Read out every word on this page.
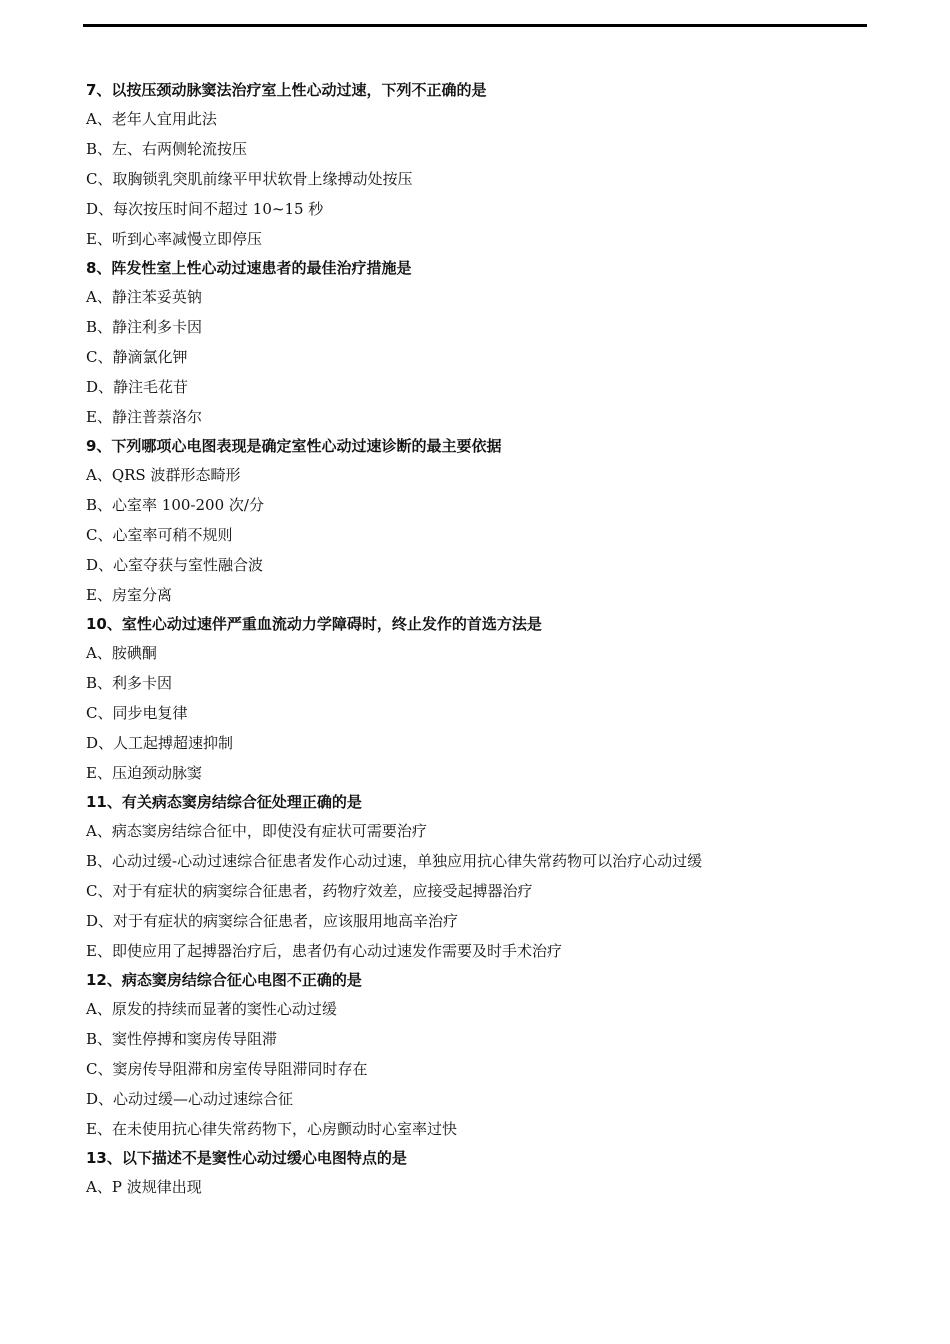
7、以按压颈动脉窦法治疗室上性心动过速，下列不正确的是
A、老年人宜用此法
B、左、右两侧轮流按压
C、取胸锁乳突肌前缘平甲状软骨上缘搏动处按压
D、每次按压时间不超过 10~15 秒
E、听到心率减慢立即停压
8、阵发性室上性心动过速患者的最佳治疗措施是
A、静注苯妥英钠
B、静注利多卡因
C、静滴氯化钾
D、静注毛花苷
E、静注普萘洛尔
9、下列哪项心电图表现是确定室性心动过速诊断的最主要依据
A、QRS 波群形态畸形
B、心室率 100-200 次/分
C、心室率可稍不规则
D、心室夺获与室性融合波
E、房室分离
10、室性心动过速伴严重血流动力学障碍时，终止发作的首选方法是
A、胺碘酮
B、利多卡因
C、同步电复律
D、人工起搏超速抑制
E、压迫颈动脉窦
11、有关病态窦房结综合征处理正确的是
A、病态窦房结综合征中，即使没有症状可需要治疗
B、心动过缓-心动过速综合征患者发作心动过速，单独应用抗心律失常药物可以治疗心动过缓
C、对于有症状的病窦综合征患者，药物疗效差，应接受起搏器治疗
D、对于有症状的病窦综合征患者，应该服用地高辛治疗
E、即使应用了起搏器治疗后，患者仍有心动过速发作需要及时手术治疗
12、病态窦房结综合征心电图不正确的是
A、原发的持续而显著的窦性心动过缓
B、窦性停搏和窦房传导阻滞
C、窦房传导阻滞和房室传导阻滞同时存在
D、心动过缓—心动过速综合征
E、在未使用抗心律失常药物下，心房颤动时心室率过快
13、以下描述不是窦性心动过缓心电图特点的是
A、P 波规律出现
